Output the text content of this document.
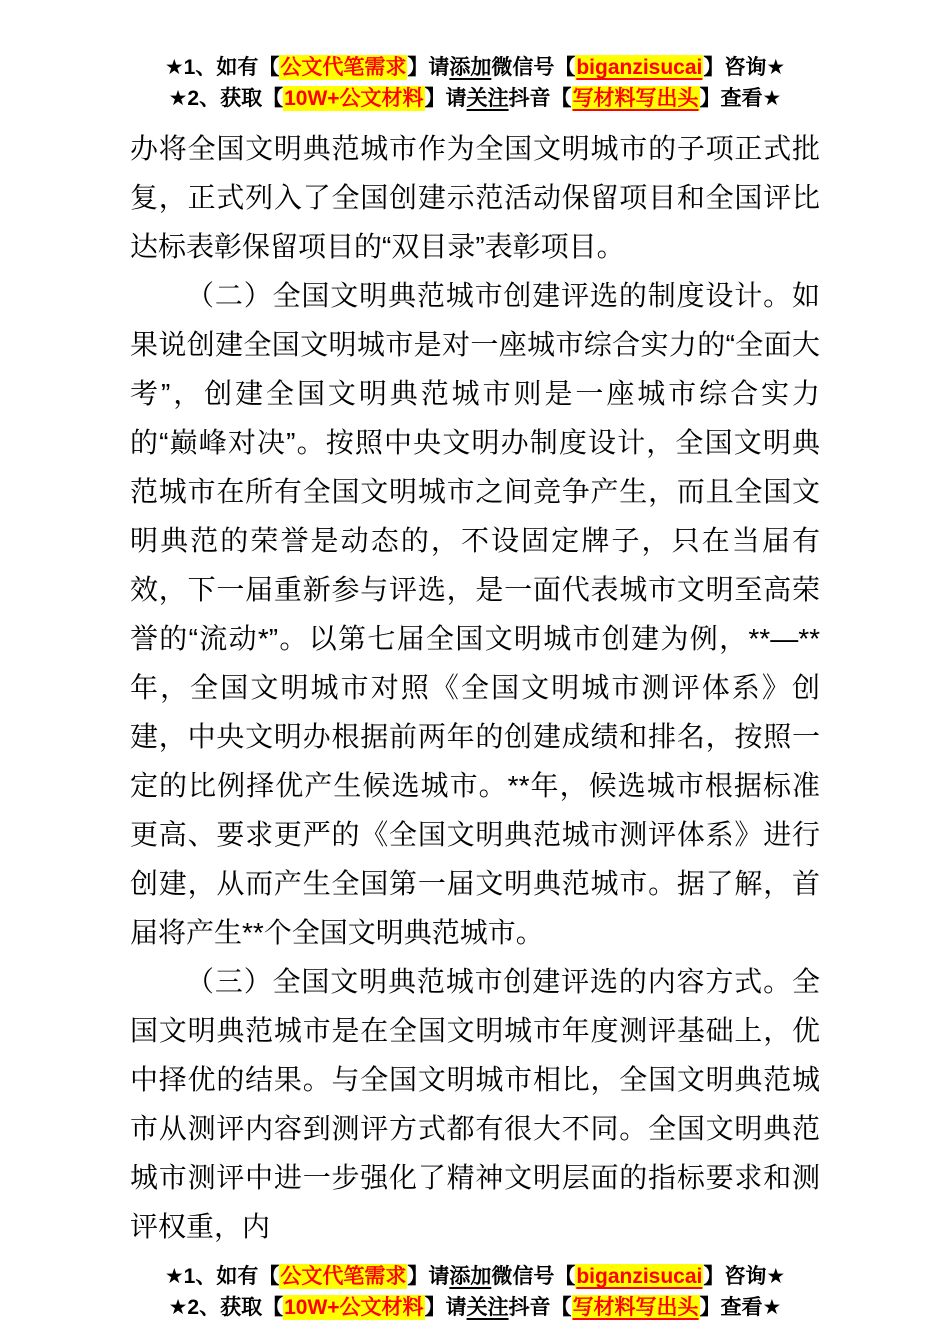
★1、如有【公文代笔需求】请添加微信号【biganzisucai】咨询★
★2、获取【10W+公文材料】请关注抖音【写材料写出头】查看★

办将全国文明典范城市作为全国文明城市的子项正式批复，正式列入了全国创建示范活动保留项目和全国评比达标表彰保留项目的“双目录”表彰项目。

（二）全国文明典范城市创建评选的制度设计。如果说创建全国文明城市是对一座城市综合实力的“全面大考”，创建全国文明典范城市则是一座城市综合实力的“巅峰对决”。按照中央文明办制度设计，全国文明典范城市在所有全国文明城市之间竞争产生，而且全国文明典范的荣誉是动态的，不设固定牌子，只在当届有效，下一届重新参与评选，是一面代表城市文明至高荣誉的“流动*”。以第七届全国文明城市创建为例，**—**年，全国文明城市对照《全国文明城市测评体系》创建，中央文明办根据前两年的创建成绩和排名，按照一定的比例择优产生候选城市。**年，候选城市根据标准更高、要求更严的《全国文明典范城市测评体系》进行创建，从而产生全国第一届文明典范城市。据了解，首届将产生**个全国文明典范城市。

（三）全国文明典范城市创建评选的内容方式。全国文明典范城市是在全国文明城市年度测评基础上，优中择优的结果。与全国文明城市相比，全国文明典范城市从测评内容到测评方式都有很大不同。全国文明典范城市测评中进一步强化了精神文明层面的指标要求和测评权重，内

★1、如有【公文代笔需求】请添加微信号【biganzisucai】咨询★
★2、获取【10W+公文材料】请关注抖音【写材料写出头】查看★
